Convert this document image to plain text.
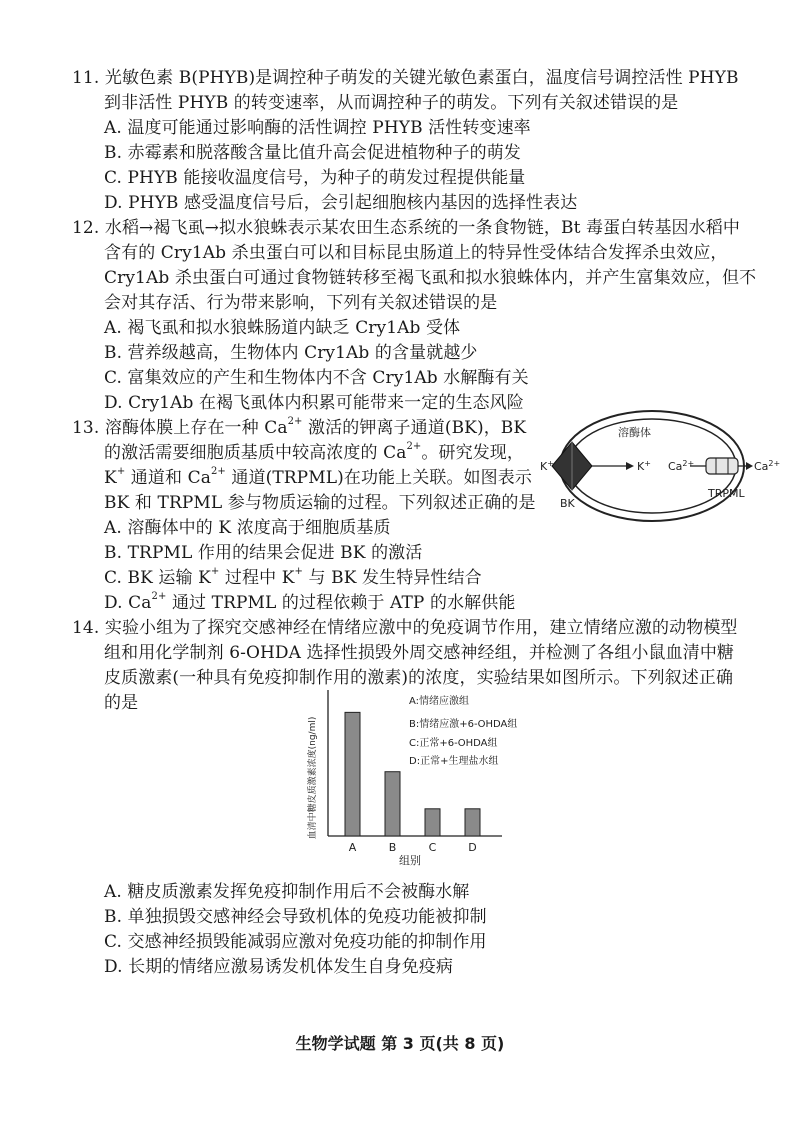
11. 光敏色素 B(PHYB)是调控种子萌发的关键光敏色素蛋白，温度信号调控活性 PHYB
到非活性 PHYB 的转变速率，从而调控种子的萌发。下列有关叙述错误的是
A. 温度可能通过影响酶的活性调控 PHYB 活性转变速率
B. 赤霉素和脱落酸含量比值升高会促进植物种子的萌发
C. PHYB 能接收温度信号，为种子的萌发过程提供能量
D. PHYB 感受温度信号后，会引起细胞核内基因的选择性表达
12. 水稻→褐飞虱→拟水狼蛛表示某农田生态系统的一条食物链，Bt 毒蛋白转基因水稻中
含有的 Cry1Ab 杀虫蛋白可以和目标昆虫肠道上的特异性受体结合发挥杀虫效应，
Cry1Ab 杀虫蛋白可通过食物链转移至褐飞虱和拟水狼蛛体内，并产生富集效应，但不
会对其存活、行为带来影响，下列有关叙述错误的是
A. 褐飞虱和拟水狼蛛肠道内缺乏 Cry1Ab 受体
B. 营养级越高，生物体内 Cry1Ab 的含量就越少
C. 富集效应的产生和生物体内不含 Cry1Ab 水解酶有关
D. Cry1Ab 在褐飞虱体内积累可能带来一定的生态风险
13. 溶酶体膜上存在一种 $Ca^{2+}$ 激活的钾离子通道(BK)，BK
的激活需要细胞质基质中较高浓度的 $Ca^{2+}$。研究发现，
K+ 通道和 $Ca^{2+}$ 通道(TRPML)在功能上关联。如图表示
BK 和 TRPML 参与物质运输的过程。下列叙述正确的是
A. 溶酶体中的 K 浓度高于细胞质基质
B. TRPML 作用的结果会促进 BK 的激活
C. BK 运输 K+ 过程中 K+ 与 BK 发生特异性结合
D. $Ca^{2+}$ 通过 TRPML 的过程依赖于 ATP 的水解供能
溶酶体
BK
K+	K+ $Ca^{2+}$	$Ca^{2+}$
TRPML
14. 实验小组为了探究交感神经在情绪应激中的免疫调节作用，建立情绪应激的动物模型
组和用化学制剂 6-OHDA 选择性损毁外周交感神经组，并检测了各组小鼠血清中糖
皮质激素(一种具有免疫抑制作用的激素)的浓度，实验结果如图所示。下列叙述正确
的是
血清中糖皮质激素浓度(ng/ml)
A	B	C	D
组别
A:情绪应激组
B:情绪应激+6-OHDA组
C:正常+6-OHDA组
D:正常+生理盐水组
A. 糖皮质激素发挥免疫抑制作用后不会被酶水解
B. 单独损毁交感神经会导致机体的免疫功能被抑制
C. 交感神经损毁能减弱应激对免疫功能的抑制作用
D. 长期的情绪应激易诱发机体发生自身免疫病
生物学试题 第 3 页(共 8 页)
